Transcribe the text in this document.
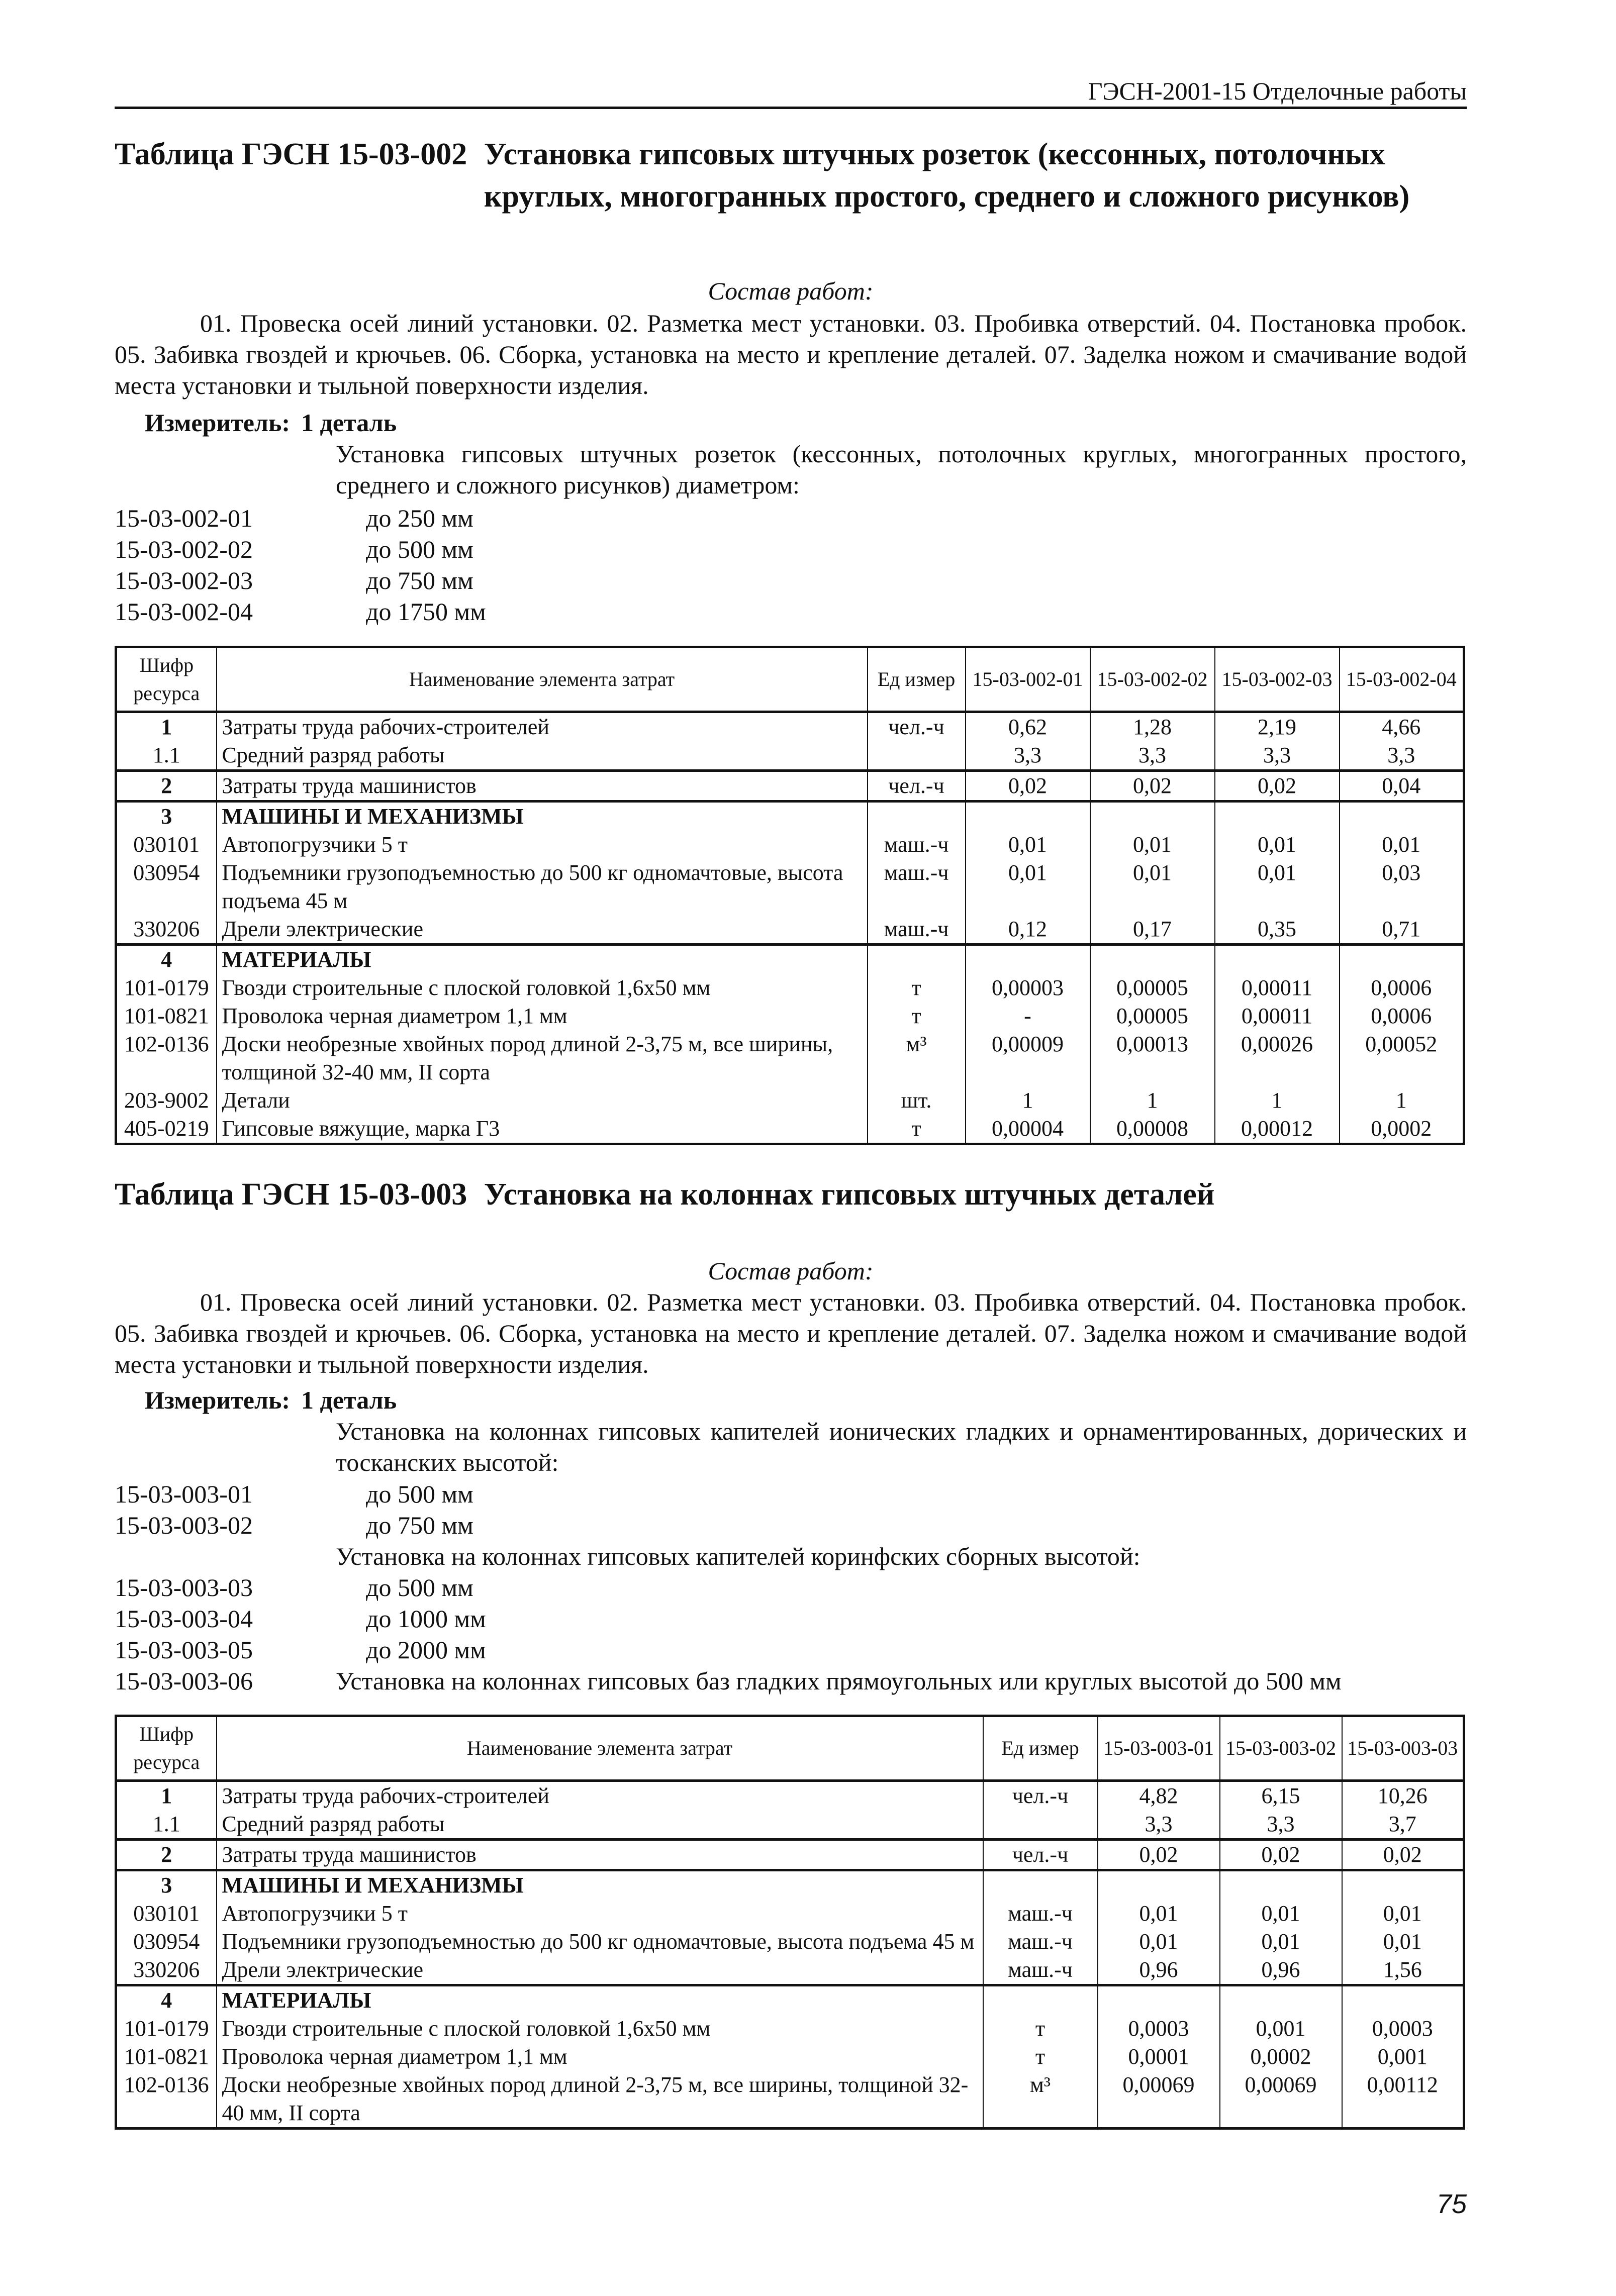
ГЭСН-2001-15 Отделочные работы
Таблица ГЭСН 15-03-002 Установка гипсовых штучных розеток (кессонных, потолочных круглых, многогранных простого, среднего и сложного рисунков)
Состав работ:
01. Провеска осей линий установки. 02. Разметка мест установки. 03. Пробивка отверстий. 04. Постановка пробок. 05. Забивка гвоздей и крючьев. 06. Сборка, установка на место и крепление деталей. 07. Заделка ножом и смачивание водой места установки и тыльной поверхности изделия.
Измеритель: 1 деталь
Установка гипсовых штучных розеток (кессонных, потолочных круглых, многогранных простого, среднего и сложного рисунков) диаметром:
15-03-002-01	до 250 мм
15-03-002-02	до 500 мм
15-03-002-03	до 750 мм
15-03-002-04	до 1750 мм
Шифр ресурса	Наименование элемента затрат	Ед измер	15-03-002-01	15-03-002-02	15-03-002-03	15-03-002-04
1	Затраты труда рабочих-строителей	чел.-ч	0,62	1,28	2,19	4,66
1.1	Средний разряд работы		3,3	3,3	3,3	3,3
2	Затраты труда машинистов	чел.-ч	0,02	0,02	0,02	0,04
3	МАШИНЫ И МЕХАНИЗМЫ					
030101	Автопогрузчики 5 т	маш.-ч	0,01	0,01	0,01	0,01
030954	Подъемники грузоподъемностью до 500 кг одномачтовые, высота подъема 45 м	маш.-ч	0,01	0,01	0,01	0,03
330206	Дрели электрические	маш.-ч	0,12	0,17	0,35	0,71
4	МАТЕРИАЛЫ					
101-0179	Гвозди строительные с плоской головкой 1,6x50 мм	т	0,00003	0,00005	0,00011	0,0006
101-0821	Проволока черная диаметром 1,1 мм	т	-	0,00005	0,00011	0,0006
102-0136	Доски необрезные хвойных пород длиной 2-3,75 м, все ширины, толщиной 32-40 мм, II сорта	м³	0,00009	0,00013	0,00026	0,00052
203-9002	Детали	шт.	1	1	1	1
405-0219	Гипсовые вяжущие, марка Г3	т	0,00004	0,00008	0,00012	0,0002
Таблица ГЭСН 15-03-003 Установка на колоннах гипсовых штучных деталей
Состав работ:
01. Провеска осей линий установки. 02. Разметка мест установки. 03. Пробивка отверстий. 04. Постановка пробок. 05. Забивка гвоздей и крючьев. 06. Сборка, установка на место и крепление деталей. 07. Заделка ножом и смачивание водой места установки и тыльной поверхности изделия.
Измеритель: 1 деталь
Установка на колоннах гипсовых капителей ионических гладких и орнаментированных, дорических и тосканских высотой:
15-03-003-01	до 500 мм
15-03-003-02	до 750 мм
Установка на колоннах гипсовых капителей коринфских сборных высотой:
15-03-003-03	до 500 мм
15-03-003-04	до 1000 мм
15-03-003-05	до 2000 мм
15-03-003-06	Установка на колоннах гипсовых баз гладких прямоугольных или круглых высотой до 500 мм
Шифр ресурса	Наименование элемента затрат	Ед измер	15-03-003-01	15-03-003-02	15-03-003-03
1	Затраты труда рабочих-строителей	чел.-ч	4,82	6,15	10,26
1.1	Средний разряд работы		3,3	3,3	3,7
2	Затраты труда машинистов	чел.-ч	0,02	0,02	0,02
3	МАШИНЫ И МЕХАНИЗМЫ				
030101	Автопогрузчики 5 т	маш.-ч	0,01	0,01	0,01
030954	Подъемники грузоподъемностью до 500 кг одномачтовые, высота подъема 45 м	маш.-ч	0,01	0,01	0,01
330206	Дрели электрические	маш.-ч	0,96	0,96	1,56
4	МАТЕРИАЛЫ				
101-0179	Гвозди строительные с плоской головкой 1,6x50 мм	т	0,0003	0,001	0,0003
101-0821	Проволока черная диаметром 1,1 мм	т	0,0001	0,0002	0,001
102-0136	Доски необрезные хвойных пород длиной 2-3,75 м, все ширины, толщиной 32-40 мм, II сорта	м³	0,00069	0,00069	0,00112
75
